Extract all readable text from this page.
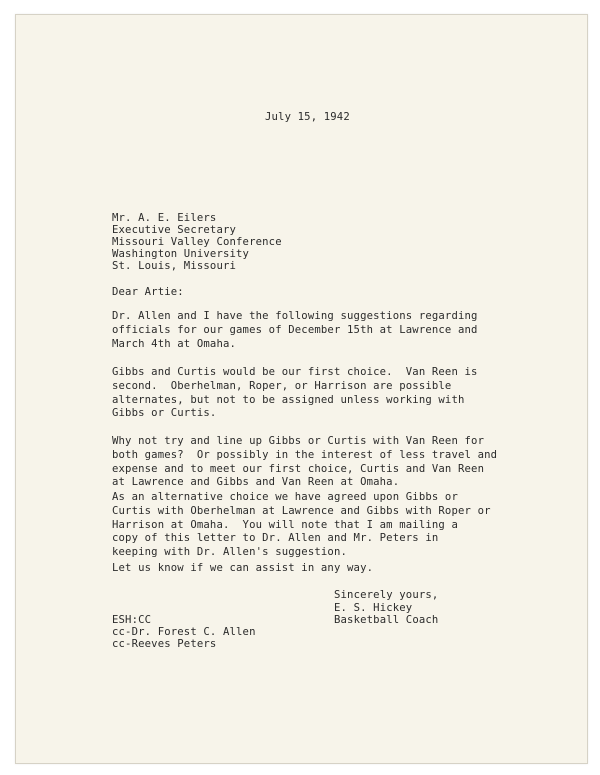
July 15, 1942
Mr. A. E. Eilers
Executive Secretary
Missouri Valley Conference
Washington University
St. Louis, Missouri
Dear Artie:
Dr. Allen and I have the following suggestions regarding
officials for our games of December 15th at Lawrence and
March 4th at Omaha.
Gibbs and Curtis would be our first choice.  Van Reen is
second.  Oberhelman, Roper, or Harrison are possible
alternates, but not to be assigned unless working with
Gibbs or Curtis.
Why not try and line up Gibbs or Curtis with Van Reen for
both games?  Or possibly in the interest of less travel and
expense and to meet our first choice, Curtis and Van Reen
at Lawrence and Gibbs and Van Reen at Omaha.
As an alternative choice we have agreed upon Gibbs or
Curtis with Oberhelman at Lawrence and Gibbs with Roper or
Harrison at Omaha.  You will note that I am mailing a
copy of this letter to Dr. Allen and Mr. Peters in
keeping with Dr. Allen's suggestion.
Let us know if we can assist in any way.
Sincerely yours,
E. S. Hickey
Basketball Coach
ESH:CC
cc-Dr. Forest C. Allen
cc-Reeves Peters
